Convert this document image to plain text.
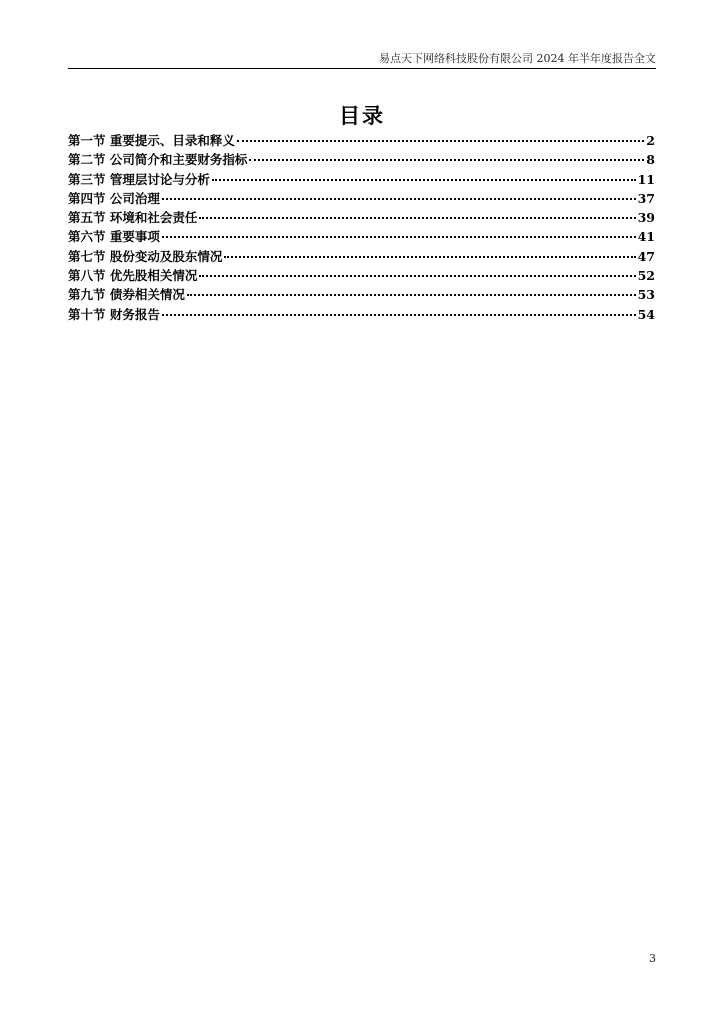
易点天下网络科技股份有限公司 2024 年半年度报告全文
目录
第一节 重要提示、目录和释义	2
第二节 公司简介和主要财务指标	8
第三节 管理层讨论与分析	11
第四节 公司治理	37
第五节 环境和社会责任	39
第六节 重要事项	41
第七节 股份变动及股东情况	47
第八节 优先股相关情况	52
第九节 债券相关情况	53
第十节 财务报告	54
3
